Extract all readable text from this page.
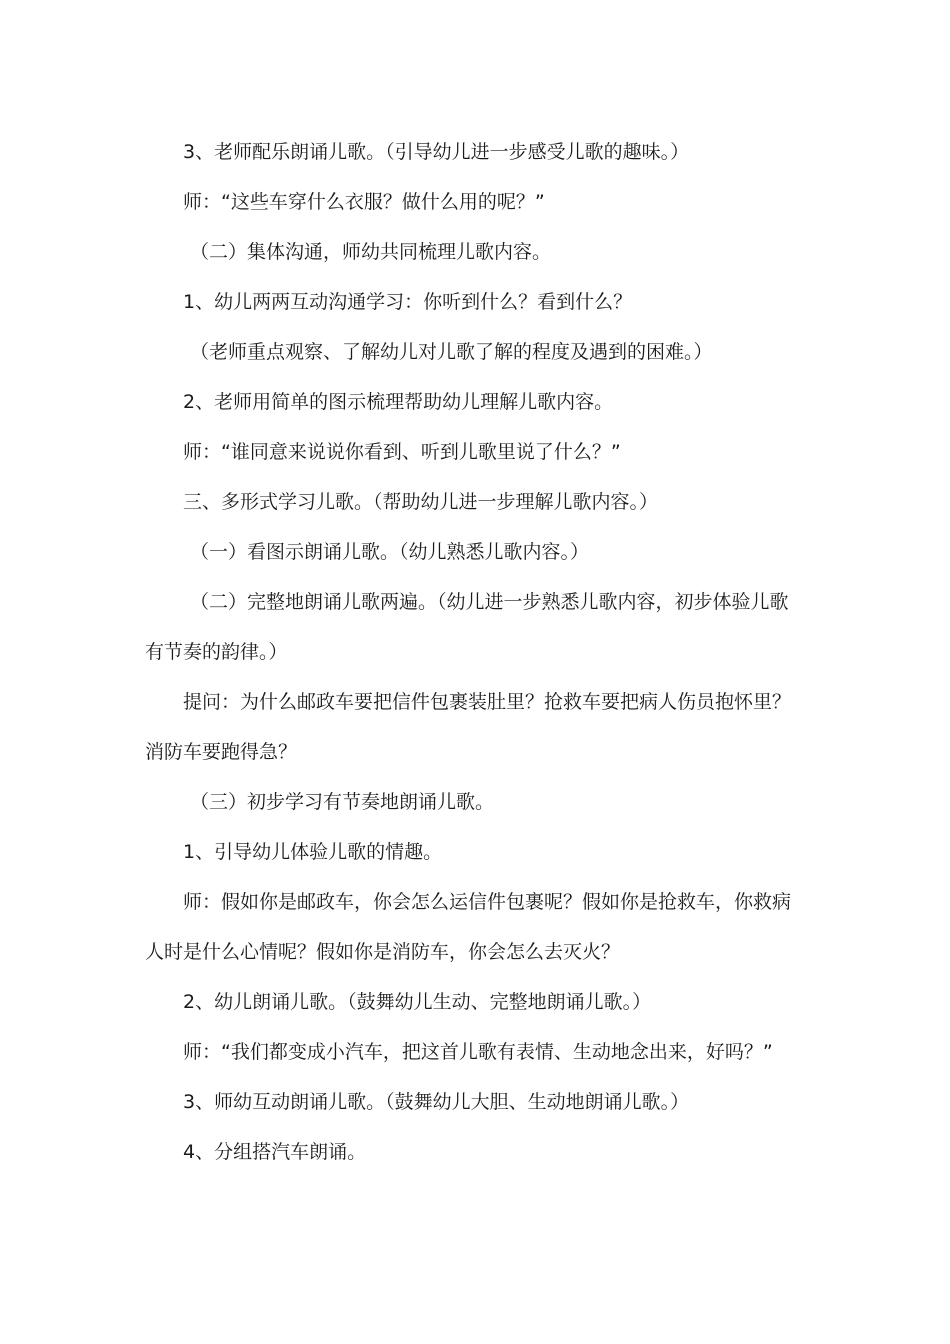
3、老师配乐朗诵儿歌。（引导幼儿进一步感受儿歌的趣味。）

师：“这些车穿什么衣服？做什么用的呢？”

（二）集体沟通，师幼共同梳理儿歌内容。

1、幼儿两两互动沟通学习：你听到什么？看到什么？

（老师重点观察、了解幼儿对儿歌了解的程度及遇到的困难。）

2、老师用简单的图示梳理帮助幼儿理解儿歌内容。

师：“谁同意来说说你看到、听到儿歌里说了什么？”

三、多形式学习儿歌。（帮助幼儿进一步理解儿歌内容。）

（一）看图示朗诵儿歌。（幼儿熟悉儿歌内容。）

（二）完整地朗诵儿歌两遍。（幼儿进一步熟悉儿歌内容，初步体验儿歌有节奏的韵律。）

提问：为什么邮政车要把信件包裹装肚里？抢救车要把病人伤员抱怀里？消防车要跑得急？

（三）初步学习有节奏地朗诵儿歌。

1、引导幼儿体验儿歌的情趣。

师：假如你是邮政车，你会怎么运信件包裹呢？假如你是抢救车，你救病人时是什么心情呢？假如你是消防车，你会怎么去灭火？

2、幼儿朗诵儿歌。（鼓舞幼儿生动、完整地朗诵儿歌。）

师：“我们都变成小汽车，把这首儿歌有表情、生动地念出来，好吗？”

3、师幼互动朗诵儿歌。（鼓舞幼儿大胆、生动地朗诵儿歌。）

4、分组搭汽车朗诵。
